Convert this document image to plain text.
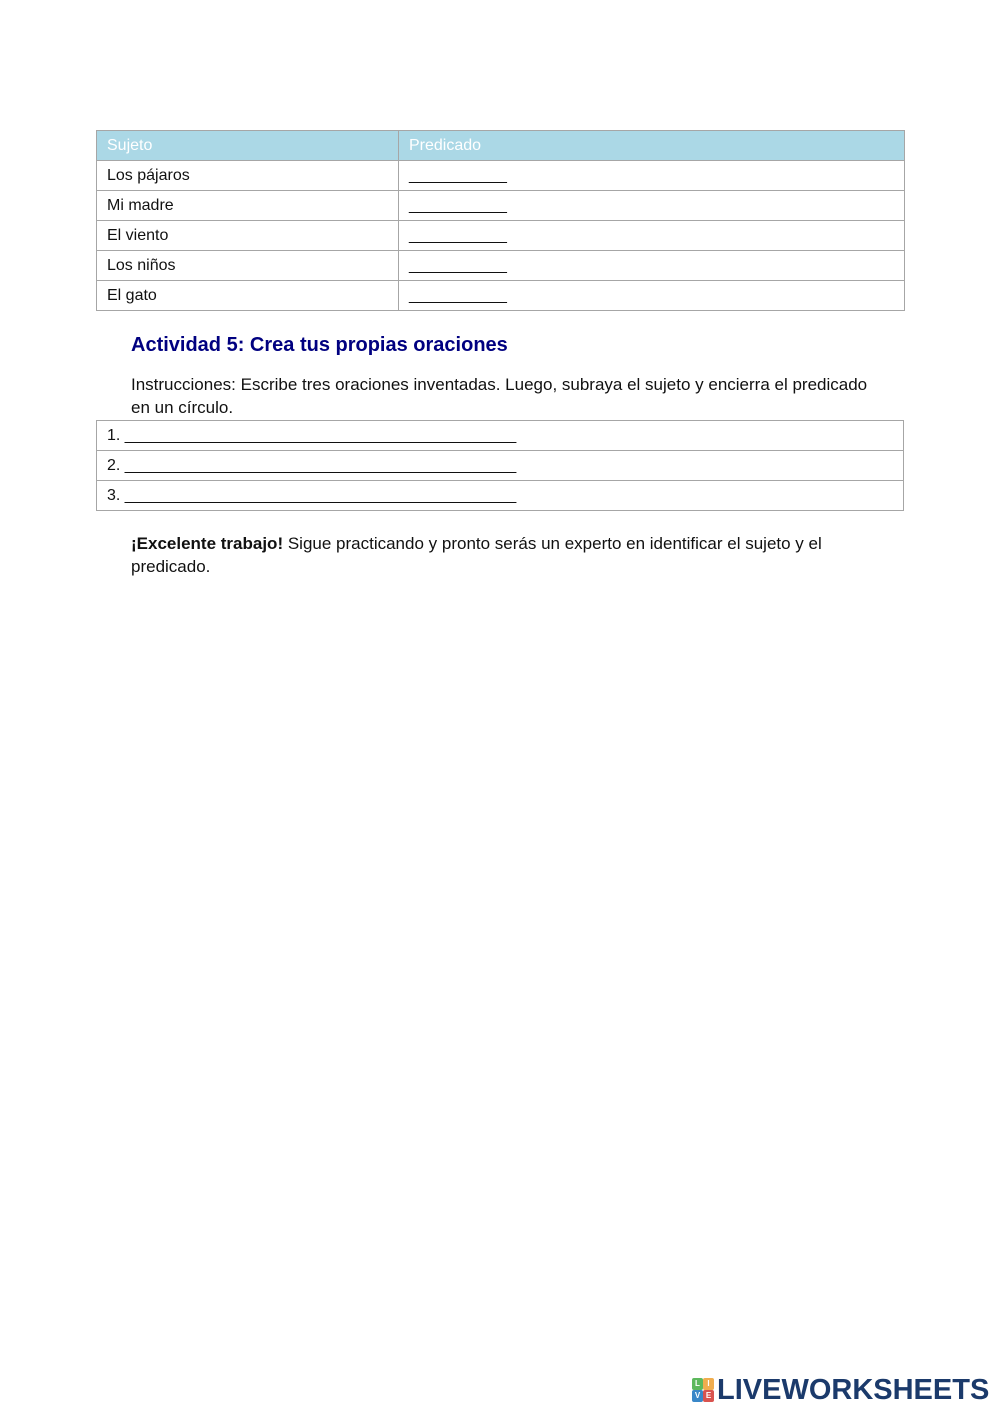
Sujeto	Predicado
Los pájaros	___________
Mi madre	___________
El viento	___________
Los niños	___________
El gato	___________
Actividad 5: Crea tus propias oraciones

Instrucciones: Escribe tres oraciones inventadas. Luego, subraya el sujeto y encierra el predicado en un círculo.

1. ____________________________________________
2. ____________________________________________
3. ____________________________________________

¡Excelente trabajo! Sigue practicando y pronto serás un experto en identificar el sujeto y el predicado.

L I
V E LIVEWORKSHEETS
